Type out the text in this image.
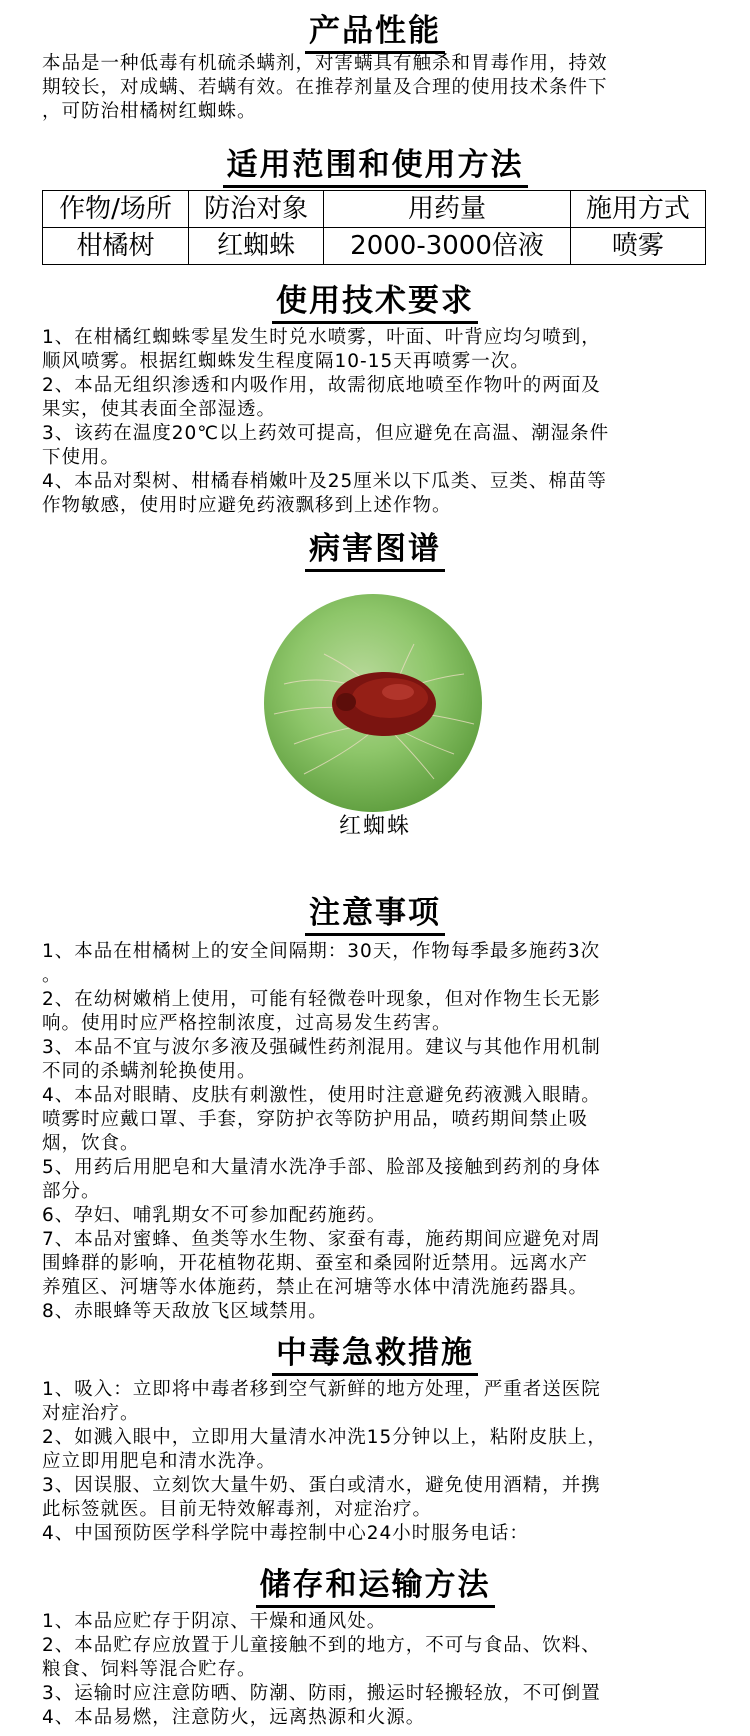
产品性能
本品是一种低毒有机硫杀螨剂，对害螨具有触杀和胃毒作用，持效
期较长，对成螨、若螨有效。在推荐剂量及合理的使用技术条件下
，可防治柑橘树红蜘蛛。
适用范围和使用方法
作物/场所	防治对象	用药量	施用方式
柑橘树	红蜘蛛	2000-3000倍液	喷雾
使用技术要求
1、在柑橘红蜘蛛零星发生时兑水喷雾，叶面、叶背应均匀喷到，
顺风喷雾。根据红蜘蛛发生程度隔10-15天再喷雾一次。
2、本品无组织渗透和内吸作用，故需彻底地喷至作物叶的两面及
果实，使其表面全部湿透。
3、该药在温度20℃以上药效可提高，但应避免在高温、潮湿条件
下使用。
4、本品对梨树、柑橘春梢嫩叶及25厘米以下瓜类、豆类、棉苗等
作物敏感，使用时应避免药液飘移到上述作物。
病害图谱
红蜘蛛
注意事项
1、本品在柑橘树上的安全间隔期：30天，作物每季最多施药3次
。
2、在幼树嫩梢上使用，可能有轻微卷叶现象，但对作物生长无影
响。使用时应严格控制浓度，过高易发生药害。
3、本品不宜与波尔多液及强碱性药剂混用。建议与其他作用机制
不同的杀螨剂轮换使用。
4、本品对眼睛、皮肤有刺激性，使用时注意避免药液溅入眼睛。
喷雾时应戴口罩、手套，穿防护衣等防护用品，喷药期间禁止吸
烟，饮食。
5、用药后用肥皂和大量清水洗净手部、脸部及接触到药剂的身体
部分。
6、孕妇、哺乳期女不可参加配药施药。
7、本品对蜜蜂、鱼类等水生物、家蚕有毒，施药期间应避免对周
围蜂群的影响，开花植物花期、蚕室和桑园附近禁用。远离水产
养殖区、河塘等水体施药，禁止在河塘等水体中清洗施药器具。
8、赤眼蜂等天敌放飞区域禁用。
中毒急救措施
1、吸入：立即将中毒者移到空气新鲜的地方处理，严重者送医院
对症治疗。
2、如溅入眼中，立即用大量清水冲洗15分钟以上，粘附皮肤上，
应立即用肥皂和清水洗净。
3、因误服、立刻饮大量牛奶、蛋白或清水，避免使用酒精，并携
此标签就医。目前无特效解毒剂，对症治疗。
4、中国预防医学科学院中毒控制中心24小时服务电话：
储存和运输方法
1、本品应贮存于阴凉、干燥和通风处。
2、本品贮存应放置于儿童接触不到的地方，不可与食品、饮料、
粮食、饲料等混合贮存。
3、运输时应注意防晒、防潮、防雨，搬运时轻搬轻放，不可倒置
4、本品易燃，注意防火，远离热源和火源。
